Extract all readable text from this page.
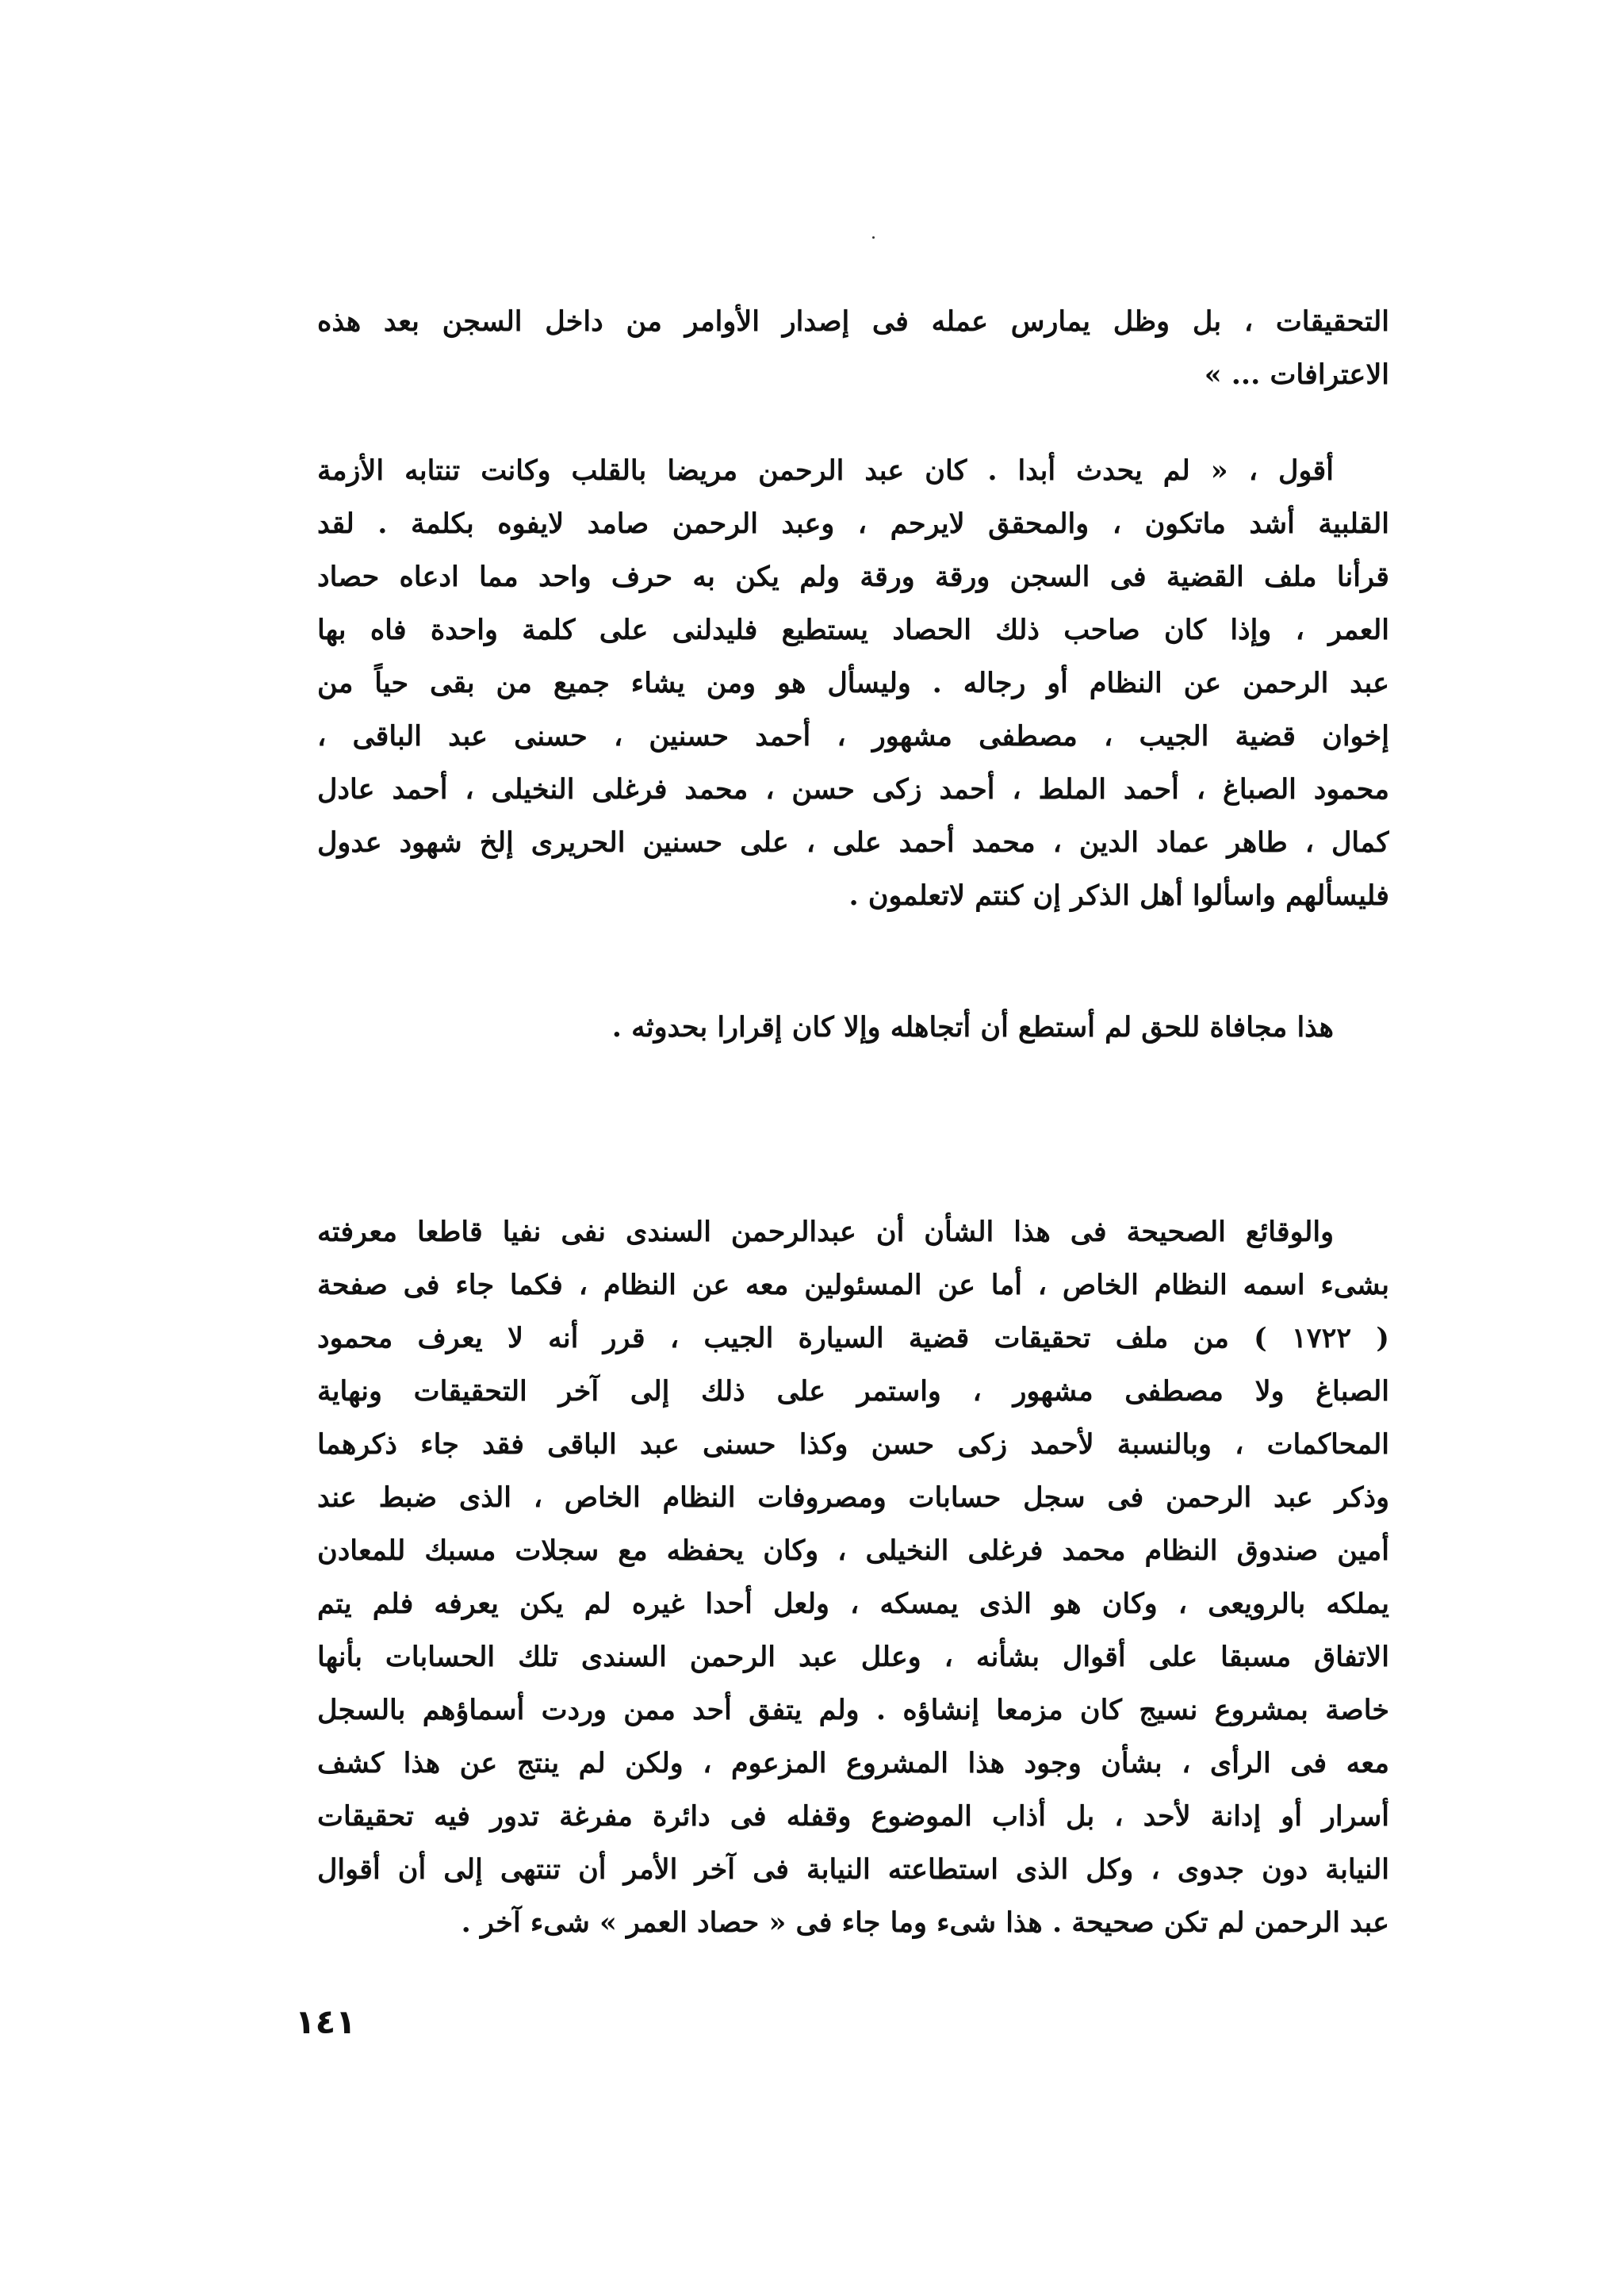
التحقيقات ، بل وظل يمارس عمله فى إصدار الأوامر من داخل السجن بعد هذه
الاعترافات ... »
أقول ، « لم يحدث أبدا . كان عبد الرحمن مريضا بالقلب وكانت تنتابه الأزمة
القلبية أشد ماتكون ، والمحقق لايرحم ، وعبد الرحمن صامد لايفوه بكلمة . لقد
قرأنا ملف القضية فى السجن ورقة ورقة ولم يكن به حرف واحد مما ادعاه حصاد
العمر ، وإذا كان صاحب ذلك الحصاد يستطيع فليدلنى على كلمة واحدة فاه بها
عبد الرحمن عن النظام أو رجاله . وليسأل هو ومن يشاء جميع من بقى حياً من
إخوان قضية الجيب ، مصطفى مشهور ، أحمد حسنين ، حسنى عبد الباقى ،
محمود الصباغ ، أحمد الملط ، أحمد زكى حسن ، محمد فرغلى النخيلى ، أحمد عادل
كمال ، طاهر عماد الدين ، محمد أحمد على ، على حسنين الحريرى إلخ شهود عدول
فليسألهم واسألوا أهل الذكر إن كنتم لاتعلمون .
هذا مجافاة للحق لم أستطع أن أتجاهله وإلا كان إقرارا بحدوثه .
والوقائع الصحيحة فى هذا الشأن أن عبدالرحمن السندى نفى نفيا قاطعا معرفته
بشىء اسمه النظام الخاص ، أما عن المسئولين معه عن النظام ، فكما جاء فى صفحة
( ١٧٢٢ ) من ملف تحقيقات قضية السيارة الجيب ، قرر أنه لا يعرف محمود
الصباغ ولا مصطفى مشهور ، واستمر على ذلك إلى آخر التحقيقات ونهاية
المحاكمات ، وبالنسبة لأحمد زكى حسن وكذا حسنى عبد الباقى فقد جاء ذكرهما
وذكر عبد الرحمن فى سجل حسابات ومصروفات النظام الخاص ، الذى ضبط عند
أمين صندوق النظام محمد فرغلى النخيلى ، وكان يحفظه مع سجلات مسبك للمعادن
يملكه بالرويعى ، وكان هو الذى يمسكه ، ولعل أحدا غيره لم يكن يعرفه فلم يتم
الاتفاق مسبقا على أقوال بشأنه ، وعلل عبد الرحمن السندى تلك الحسابات بأنها
خاصة بمشروع نسيج كان مزمعا إنشاؤه . ولم يتفق أحد ممن وردت أسماؤهم بالسجل
معه فى الرأى ، بشأن وجود هذا المشروع المزعوم ، ولكن لم ينتج عن هذا كشف
أسرار أو إدانة لأحد ، بل أذاب الموضوع وقفله فى دائرة مفرغة تدور فيه تحقيقات
النيابة دون جدوى ، وكل الذى استطاعته النيابة فى آخر الأمر أن تنتهى إلى أن أقوال
عبد الرحمن لم تكن صحيحة . هذا شىء وما جاء فى « حصاد العمر » شىء آخر .
١٤١
